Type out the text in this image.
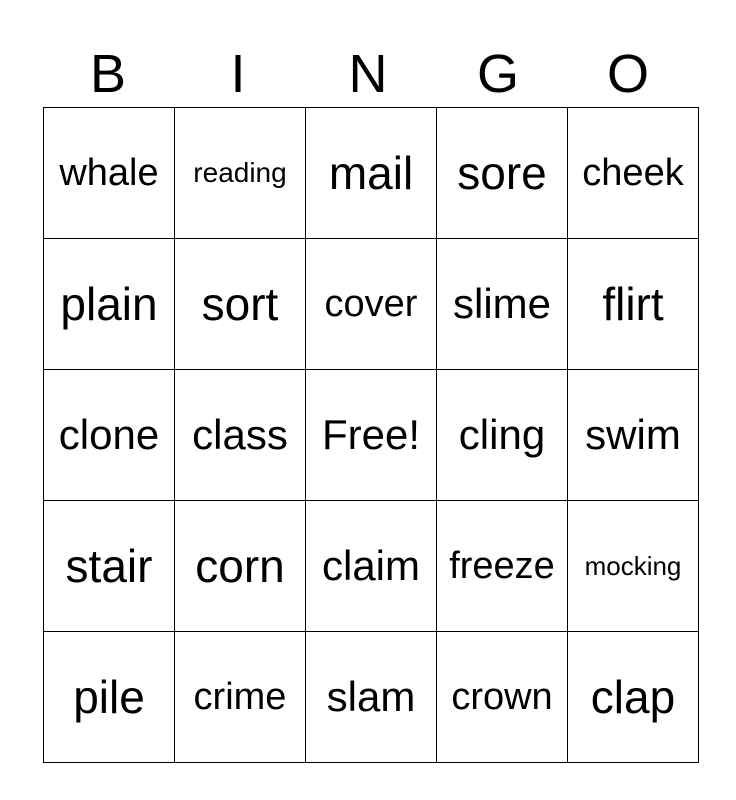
B	I	N	G	O
whale	reading	mail	sore	cheek
plain	sort	cover	slime	flirt
clone	class	Free!	cling	swim
stair	corn	claim	freeze	mocking
pile	crime	slam	crown	clap
